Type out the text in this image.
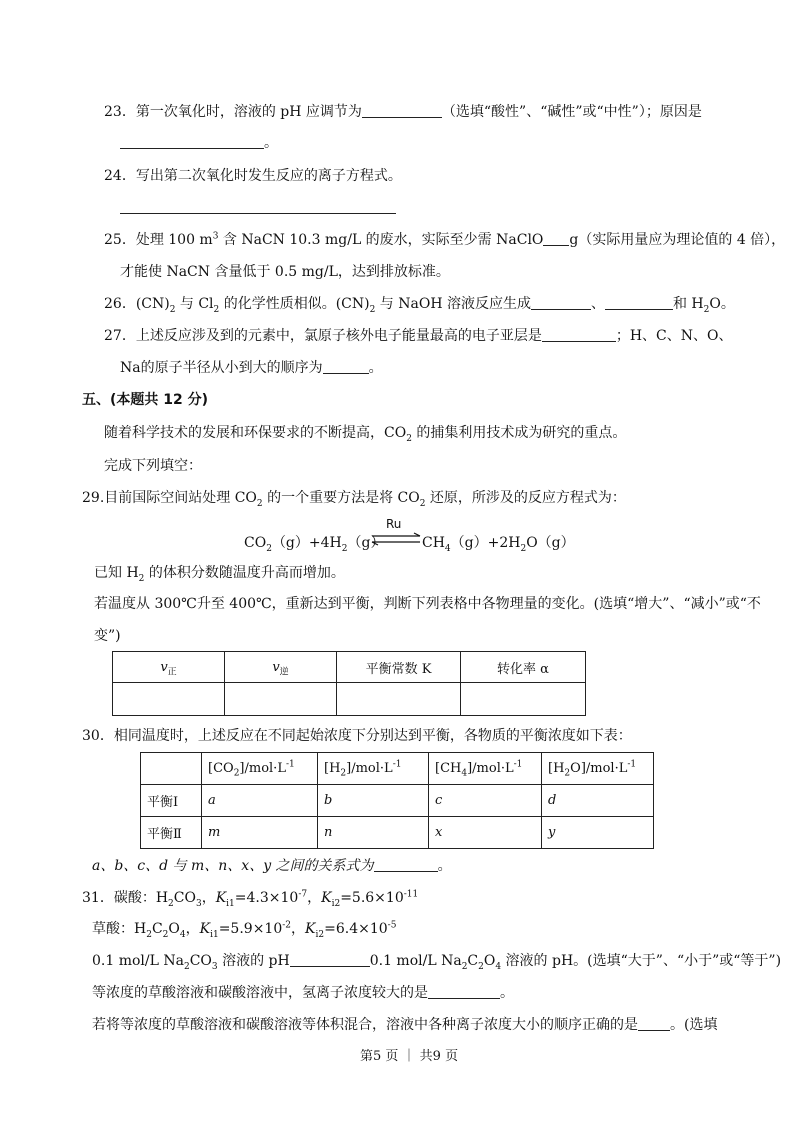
23．第一次氧化时，溶液的 pH 应调节为	（选填“酸性”、“碱性”或“中性”）；原因是
。
24．写出第二次氧化时发生反应的离子方程式。
25．处理 100 $m^3$ 含 NaCN 10.3 mg/L 的废水，实际至少需 NaClO g（实际用量应为理论值的 4 倍），
才能使 NaCN 含量低于 0.5 mg/L，达到排放标准。
26．$(CN)_2$ 与 $Cl_2$ 的化学性质相似。$(CN)_2$ 与 NaOH 溶液反应生成	、	和 $H_2O$。
27．上述反应涉及到的元素中，氯原子核外电子能量最高的电子亚层是	；H、C、N、O、
Na的原子半径从小到大的顺序为	。
五、(本题共 12 分)
随着科学技术的发展和环保要求的不断提高，$CO_2$ 的捕集利用技术成为研究的重点。
完成下列填空：
29.目前国际空间站处理 $CO_2$ 的一个重要方法是将 $CO_2$ 还原，所涉及的反应方程式为：
$CO_2(g)+4H_2(g)$
Ru
⇌ $CH_4(g)+2H_2O(g)$
已知 $H_2$ 的体积分数随温度升高而增加。
若温度从 300℃升至 400℃，重新达到平衡，判断下列表格中各物理量的变化。(选填“增大”、“减小”或“不
变”)
$v_正$	$v_逆$	平衡常数 K	转化率 α

30．相同温度时，上述反应在不同起始浓度下分别达到平衡，各物质的平衡浓度如下表：
	$[CO_2]/mol\cdot L^{-1}$	$[H_2]/mol\cdot L^{-1}$	$[CH_4]/mol\cdot L^{-1}$	$[H_2O]/mol\cdot L^{-1}$
平衡Ⅰ	a	b	c	d
平衡Ⅱ	m	n	x	y
a、b、c、d 与 m、n、x、y 之间的关系式为	。
31．碳酸：$H_2CO_3$，$K_{i1}=4.3\times 10^{-7}$，$K_{i2}=5.6\times 10^{-11}$
草酸：$H_2C_2O_4$，$K_{i1}=5.9\times 10^{-2}$，$K_{i2}=6.4\times 10^{-5}$
0.1 mol/L $Na_2CO_3$ 溶液的 pH	0.1 mol/L $Na_2C_2O_4$ 溶液的 pH。(选填“大于”、“小于”或“等于”)
等浓度的草酸溶液和碳酸溶液中，氢离子浓度较大的是	。
若将等浓度的草酸溶液和碳酸溶液等体积混合，溶液中各种离子浓度大小的顺序正确的是 。(选填
第5 页 ｜ 共9 页
